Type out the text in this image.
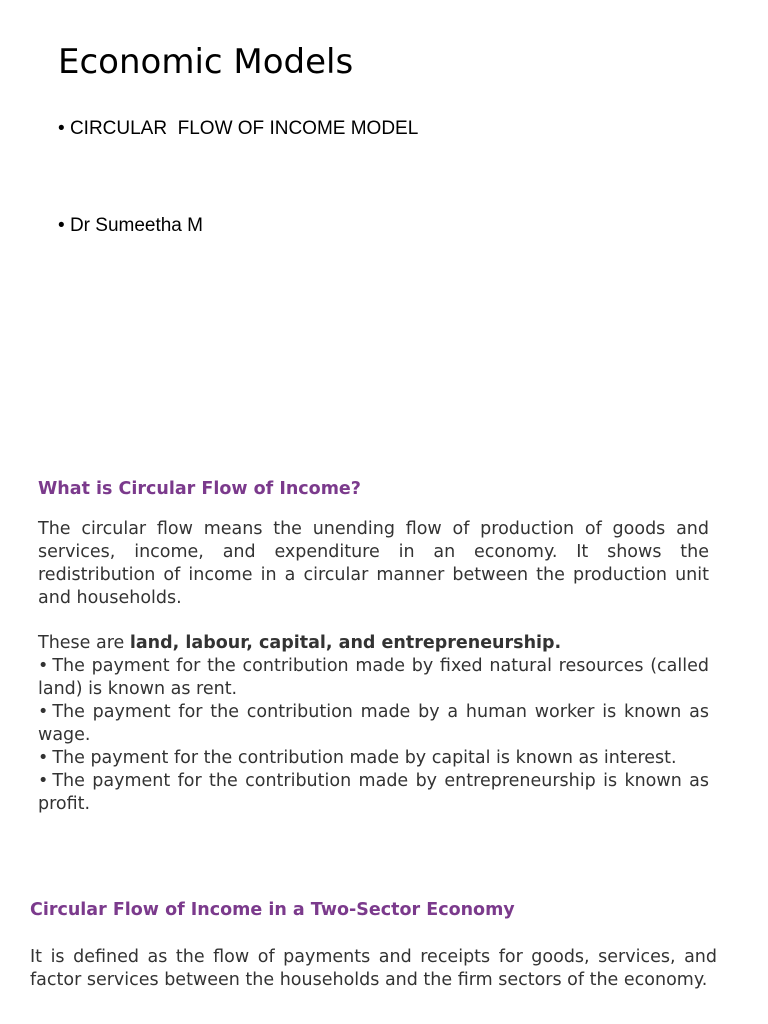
Economic Models

• CIRCULAR  FLOW OF INCOME MODEL

• Dr Sumeetha M

What is Circular Flow of Income?

The circular flow means the unending flow of production of goods and services, income, and expenditure in an economy. It shows the redistribution of income in a circular manner between the production unit and households.

These are land, labour, capital, and entrepreneurship.

• The payment for the contribution made by fixed natural resources (called land) is known as rent.
• The payment for the contribution made by a human worker is known as wage.
• The payment for the contribution made by capital is known as interest.
• The payment for the contribution made by entrepreneurship is known as profit.
Circular Flow of Income in a Two-Sector Economy

It is defined as the flow of payments and receipts for goods, services, and factor services between the households and the firm sectors of the economy.
